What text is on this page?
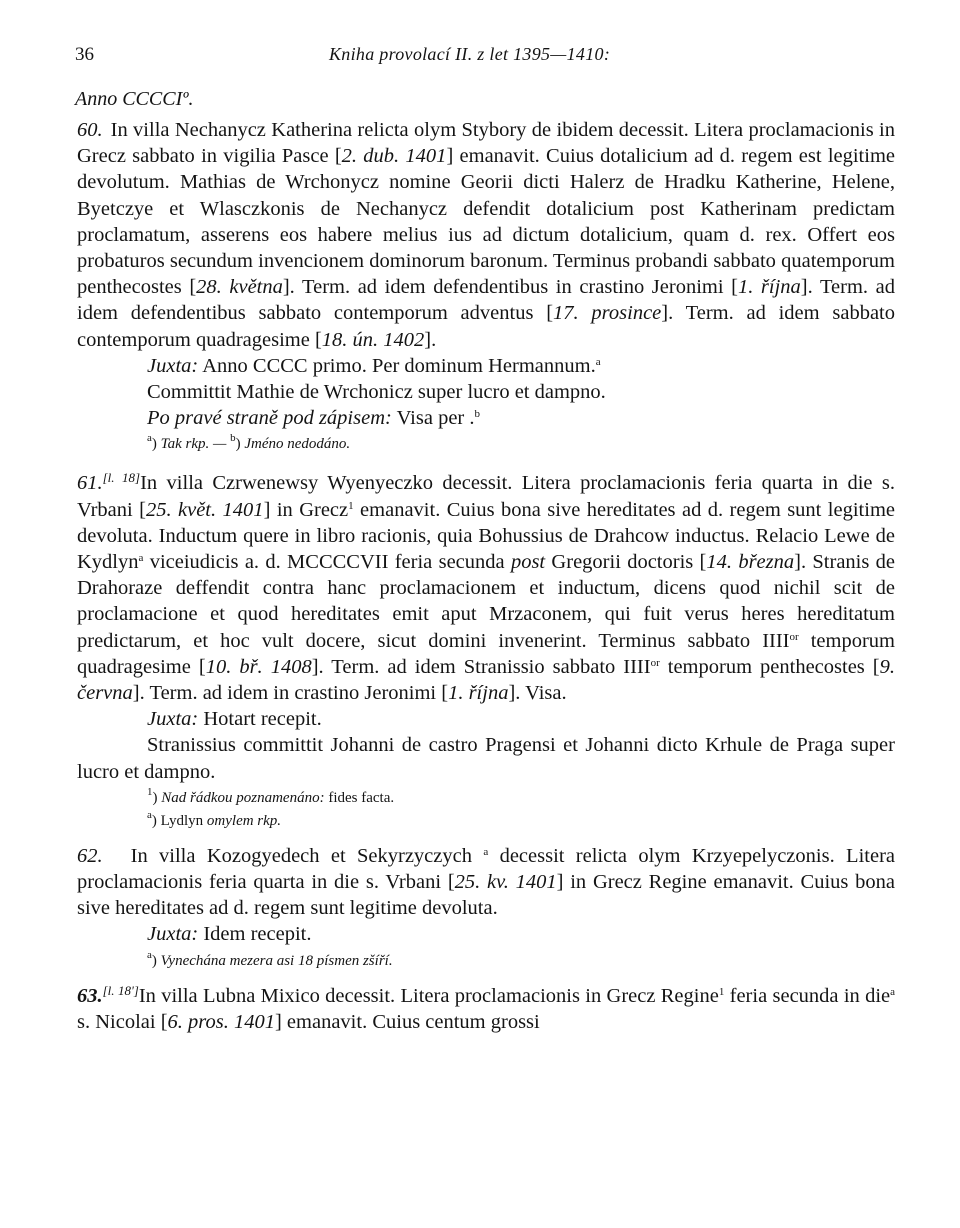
36	Kniha provolací II. z let 1395—1410:
Anno CCCCIº.

60. In villa Nechanycz Katherina relicta olym Stybory de ibidem decessit. Litera proclamacionis in Grecz sabbato in vigilia Pasce [2. dub. 1401] emanavit. Cuius dotalicium ad d. regem est legitime devolutum. Mathias de Wrchonycz nomine Georii dicti Halerz de Hradku Katherine, Helene, Byetczye et Wlasczkonis de Nechanycz defendit dotalicium post Katherinam predictam proclamatum, asserens eos habere melius ius ad dictum dotalicium, quam d. rex. Offert eos probaturos secundum invencionem dominorum baronum. Terminus probandi sabbato quatemporum penthecostes [28. května]. Term. ad idem defendentibus in crastino Jeronimi [1. října]. Term. ad idem defendentibus sabbato contemporum adventus [17. prosince]. Term. ad idem sabbato contemporum quadragesime [18. ún. 1402].

Juxta: Anno CCCC primo. Per dominum Hermannum.$^a$

Committit Mathie de Wrchonicz super lucro et dampno.

Po pravé straně pod zápisem: Visa per .$^b$

$^a$) Tak rkp. — $^b$) Jméno nedodáno.

61.[l. 18]In villa Czrwenewsy Wyenyeczko decessit. Litera proclamacionis feria quarta in die s. Vrbani [25. květ. 1401] in Grecz$^1$ emanavit. Cuius bona sive hereditates ad d. regem sunt legitime devoluta. Inductum quere in libro racionis, quia Bohussius de Drahcow inductus. Relacio Lewe de Kydlyn$^a$ viceiudicis a. d. MCCCCVII feria secunda post Gregorii doctoris [14. března]. Stranis de Drahoraze deffendit contra hanc proclamacionem et inductum, dicens quod nichil scit de proclamacione et quod hereditates emit aput Mrzaconem, qui fuit verus heres hereditatum predictarum, et hoc vult docere, sicut domini invenerint. Terminus sabbato $IIII^{or}$ temporum quadragesime [10. bř. 1408]. Term. ad idem Stranissio sabbato $IIII^{or}$ temporum penthecostes [9. června]. Term. ad idem in crastino Jeronimi [1. října]. Visa.

Juxta: Hotart recepit.

Stranissius committit Johanni de castro Pragensi et Johanni dicto Krhule de Praga super lucro et dampno.

$^1$) Nad řádkou poznamenáno: fides facta.
$^a$) Lydlyn omylem rkp.

62. In villa Kozogyedech et Sekyrzyczych $^a$ decessit relicta olym Krzyepelyczonis. Litera proclamacionis feria quarta in die s. Vrbani [25. kv. 1401] in Grecz Regine emanavit. Cuius bona sive hereditates ad d. regem sunt legitime devoluta.

Juxta: Idem recepit.

$^a$) Vynechána mezera asi 18 písmen zšíří.

63.[l. 18']In villa Lubna Mixico decessit. Litera proclamacionis in Grecz Regine$^1$ feria secunda in die$^a$ s. Nicolai [6. pros. 1401] emanavit. Cuius centum grossi
